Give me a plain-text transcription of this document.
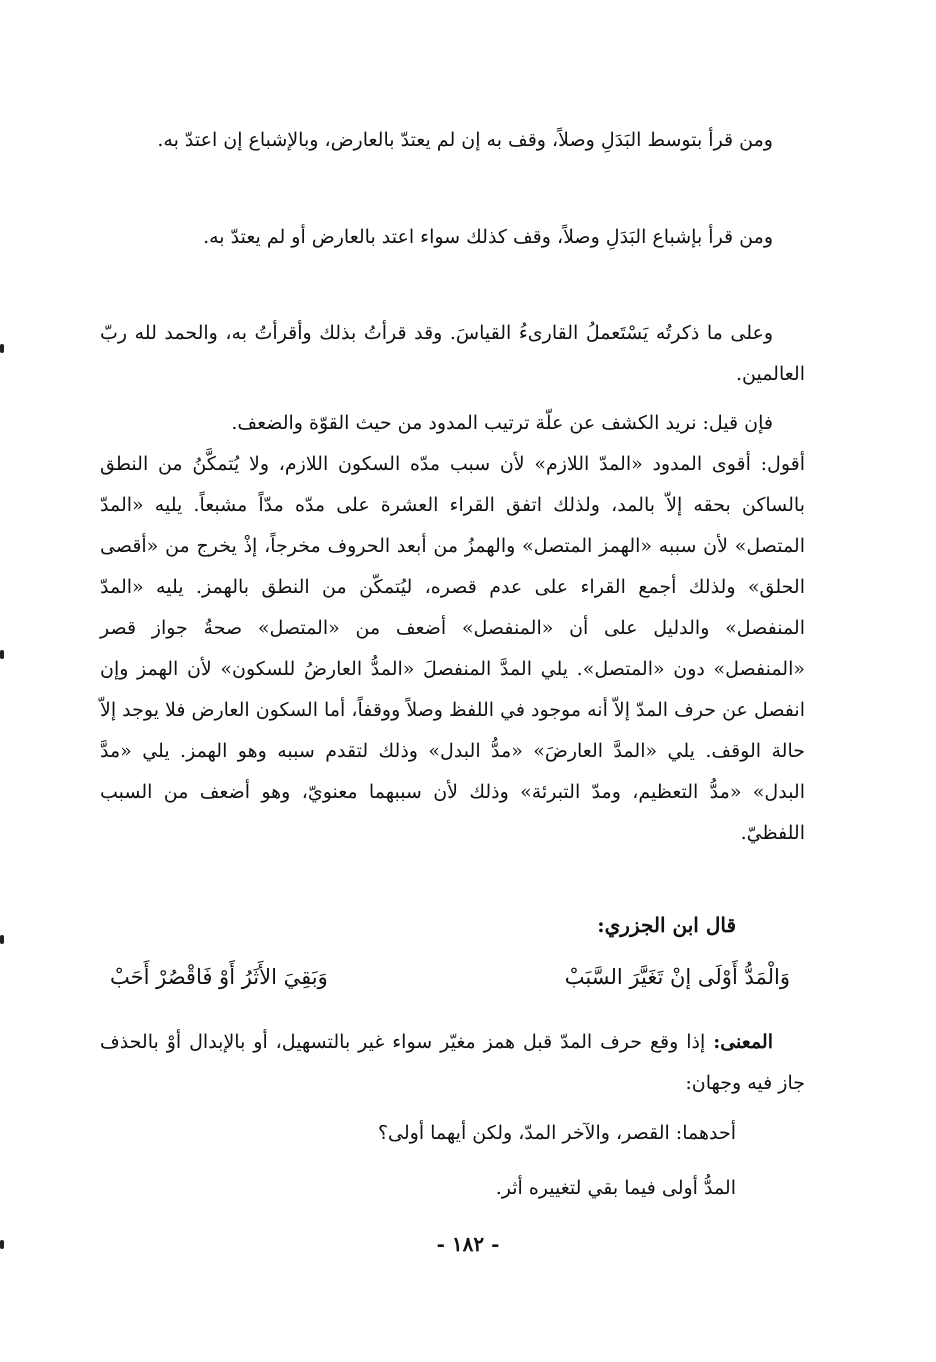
ومن قرأ بتوسط البَدَلِ وصلاً، وقف به إن لم يعتدّ بالعارض، وبالإشباع إن اعتدّ به.
ومن قرأ بإشباع البَدَلِ وصلاً، وقف كذلك سواء اعتد بالعارض أو لم يعتدّ به.
وعلى ما ذكرتُه يَسْتَعملُ القارىءُ القياسَ. وقد قرأتُ بذلك وأقرأتُ به، والحمد لله ربّ العالمين.
فإن قيل: نريد الكشف عن علّة ترتيب المدود من حيث القوّة والضعف.
أقول: أقوى المدود «المدّ اللازم» لأن سبب مدّه السكون اللازم، ولا يُتمكَّنُ من النطق بالساكن بحقه إلاّ بالمد، ولذلك اتفق القراء العشرة على مدّه مدّاً مشبعاً. يليه «المدّ المتصل» لأن سببه «الهمز المتصل» والهمزُ من أبعد الحروف مخرجاً، إذْ يخرج من «أقصى الحلق» ولذلك أجمع القراء على عدم قصره، ليُتمكّن من النطق بالهمز. يليه «المدّ المنفصل» والدليل على أن «المنفصل» أضعف من «المتصل» صحةُ جواز قصر «المنفصل» دون «المتصل». يلي المدَّ المنفصلَ «المدُّ العارضُ للسكون» لأن الهمز وإن انفصل عن حرف المدّ إلاّ أنه موجود في اللفظ وصلاً ووقفاً، أما السكون العارض فلا يوجد إلاّ حالة الوقف. يلي «المدَّ العارضَ» «مدُّ البدل» وذلك لتقدم سببه وهو الهمز. يلي «مدَّ البدل» «مدُّ التعظيم، ومدّ التبرئة» وذلك لأن سببهما معنويّ، وهو أضعف من السبب اللفظيّ.
قال ابن الجزري:
وَالْمَدُّ أَوْلَى إنْ تَغَيَّرَ السَّبَبْ
وَبَقِيَ الأَثَرُ أَوْ فَاقْصُرْ أَحَبْ
المعنى: إذا وقع حرف المدّ قبل همز مغيّر سواء غير بالتسهيل، أو بالإبدال أوْ بالحذف جاز فيه وجهان:
أحدهما: القصر، والآخر المدّ، ولكن أيهما أولى؟
المدُّ أولى فيما بقي لتغييره أثر.
- ١٨٢ -
